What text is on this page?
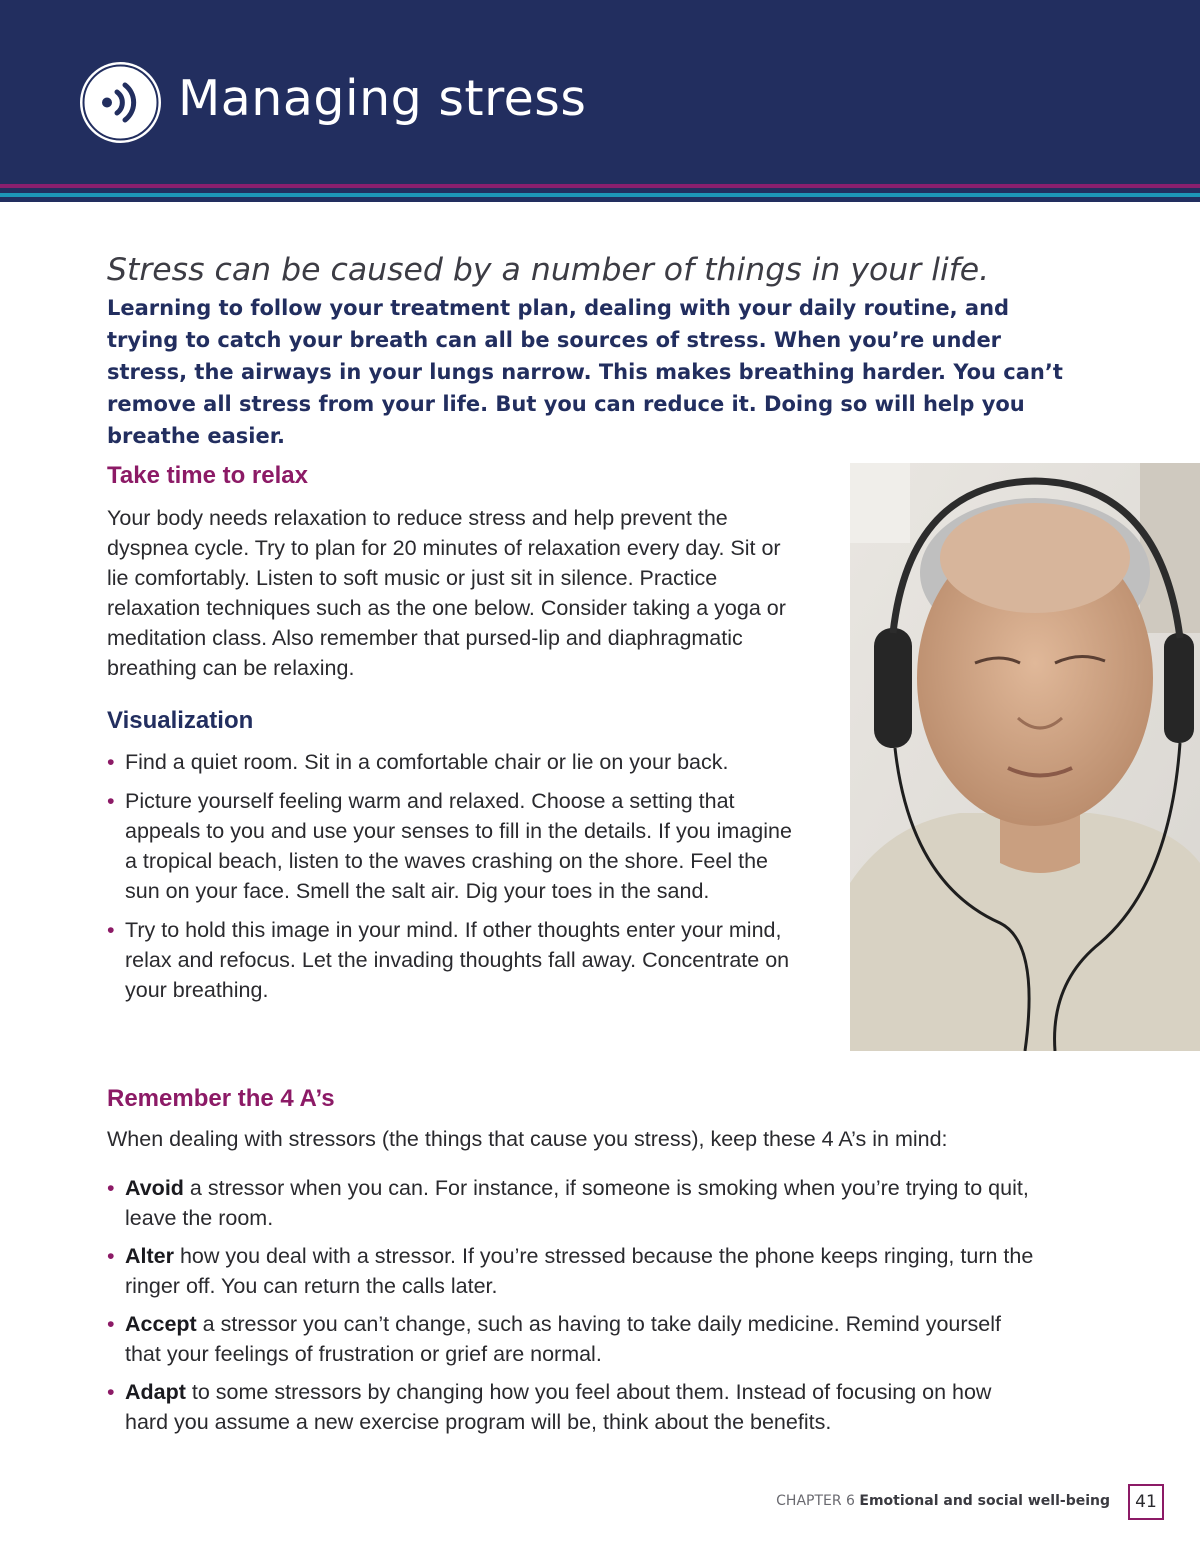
Managing stress
Stress can be caused by a number of things in your life.

Learning to follow your treatment plan, dealing with your daily routine, and trying to catch your breath can all be sources of stress. When you’re under stress, the airways in your lungs narrow. This makes breathing harder. You can’t remove all stress from your life. But you can reduce it. Doing so will help you breathe easier.

Take time to relax

Your body needs relaxation to reduce stress and help prevent the dyspnea cycle. Try to plan for 20 minutes of relaxation every day. Sit or lie comfortably. Listen to soft music or just sit in silence. Practice relaxation techniques such as the one below. Consider taking a yoga or meditation class. Also remember that pursed-lip and diaphragmatic breathing can be relaxing.

Visualization
• Find a quiet room. Sit in a comfortable chair or lie on your back.
• Picture yourself feeling warm and relaxed. Choose a setting that appeals to you and use your senses to fill in the details. If you imagine a tropical beach, listen to the waves crashing on the shore. Feel the sun on your face. Smell the salt air. Dig your toes in the sand.
• Try to hold this image in your mind. If other thoughts enter your mind, relax and refocus. Let the invading thoughts fall away. Concentrate on your breathing.
Remember the 4 A’s

When dealing with stressors (the things that cause you stress), keep these 4 A’s in mind:

• Avoid a stressor when you can. For instance, if someone is smoking when you’re trying to quit, leave the room.
• Alter how you deal with a stressor. If you’re stressed because the phone keeps ringing, turn the ringer off. You can return the calls later.
• Accept a stressor you can’t change, such as having to take daily medicine. Remind yourself that your feelings of frustration or grief are normal.
• Adapt to some stressors by changing how you feel about them. Instead of focusing on how hard you assume a new exercise program will be, think about the benefits.
CHAPTER 6 Emotional and social well-being	41
